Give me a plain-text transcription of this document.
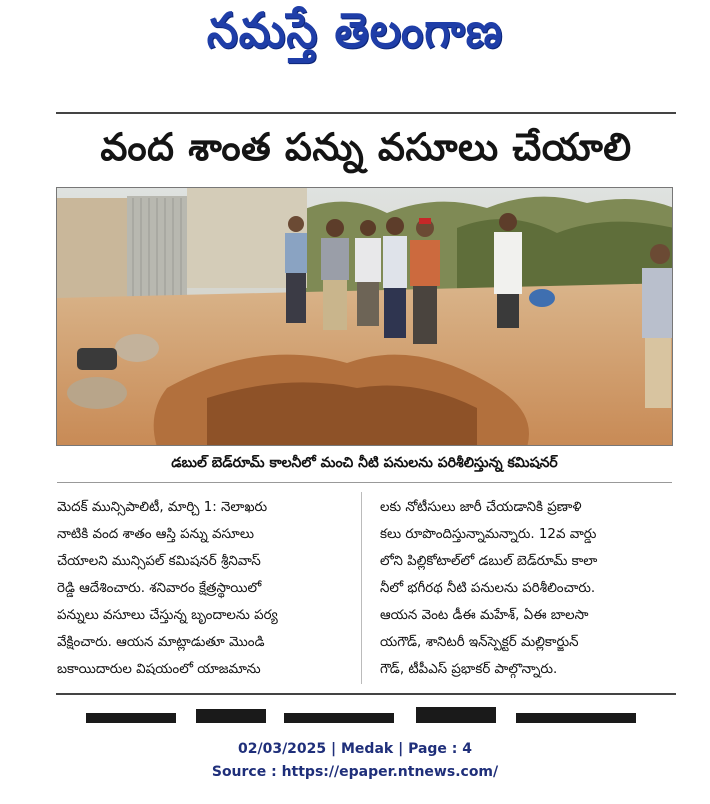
నమస్తే తెలంగాణ
వంద శాంత పన్ను వసూలు చేయాలి
డబుల్ బెడ్‌రూమ్ కాలనీలో మంచి నీటి పనులను పరిశీలిస్తున్న కమిషనర్
మెదక్ మున్సిపాలిటీ, మార్చి 1: నెలాఖరు
నాటికి వంద శాతం ఆస్తి పన్ను వసూలు
చేయాలని మున్సిపల్ కమిషనర్ శ్రీనివాస్
రెడ్డి ఆదేశించారు. శనివారం క్షేత్రస్థాయిలో
పన్నులు వసూలు చేస్తున్న బృందాలను పర్య
వేక్షించారు. ఆయన మాట్లాడుతూ మొండి
బకాయిదారుల విషయంలో యాజమాను
లకు నోటీసులు జారీ చేయడానికి ప్రణాళి
కలు రూపొందిస్తున్నామన్నారు. 12వ వార్డు
లోని పిల్లికోటాల్‌లో డబుల్ బెడ్‌రూమ్ కాలా
నీలో భగీరథ నీటి పనులను పరిశీలించారు.
ఆయన వెంట డీఈ మహేశ్, ఏఈ బాలసా
యగౌడ్, శానిటరీ ఇన్‌స్పెక్టర్ మల్లికార్జున్
గౌడ్, టీపీఎస్ ప్రభాకర్ పాల్గొన్నారు.
02/03/2025 | Medak | Page : 4
Source : https://epaper.ntnews.com/
